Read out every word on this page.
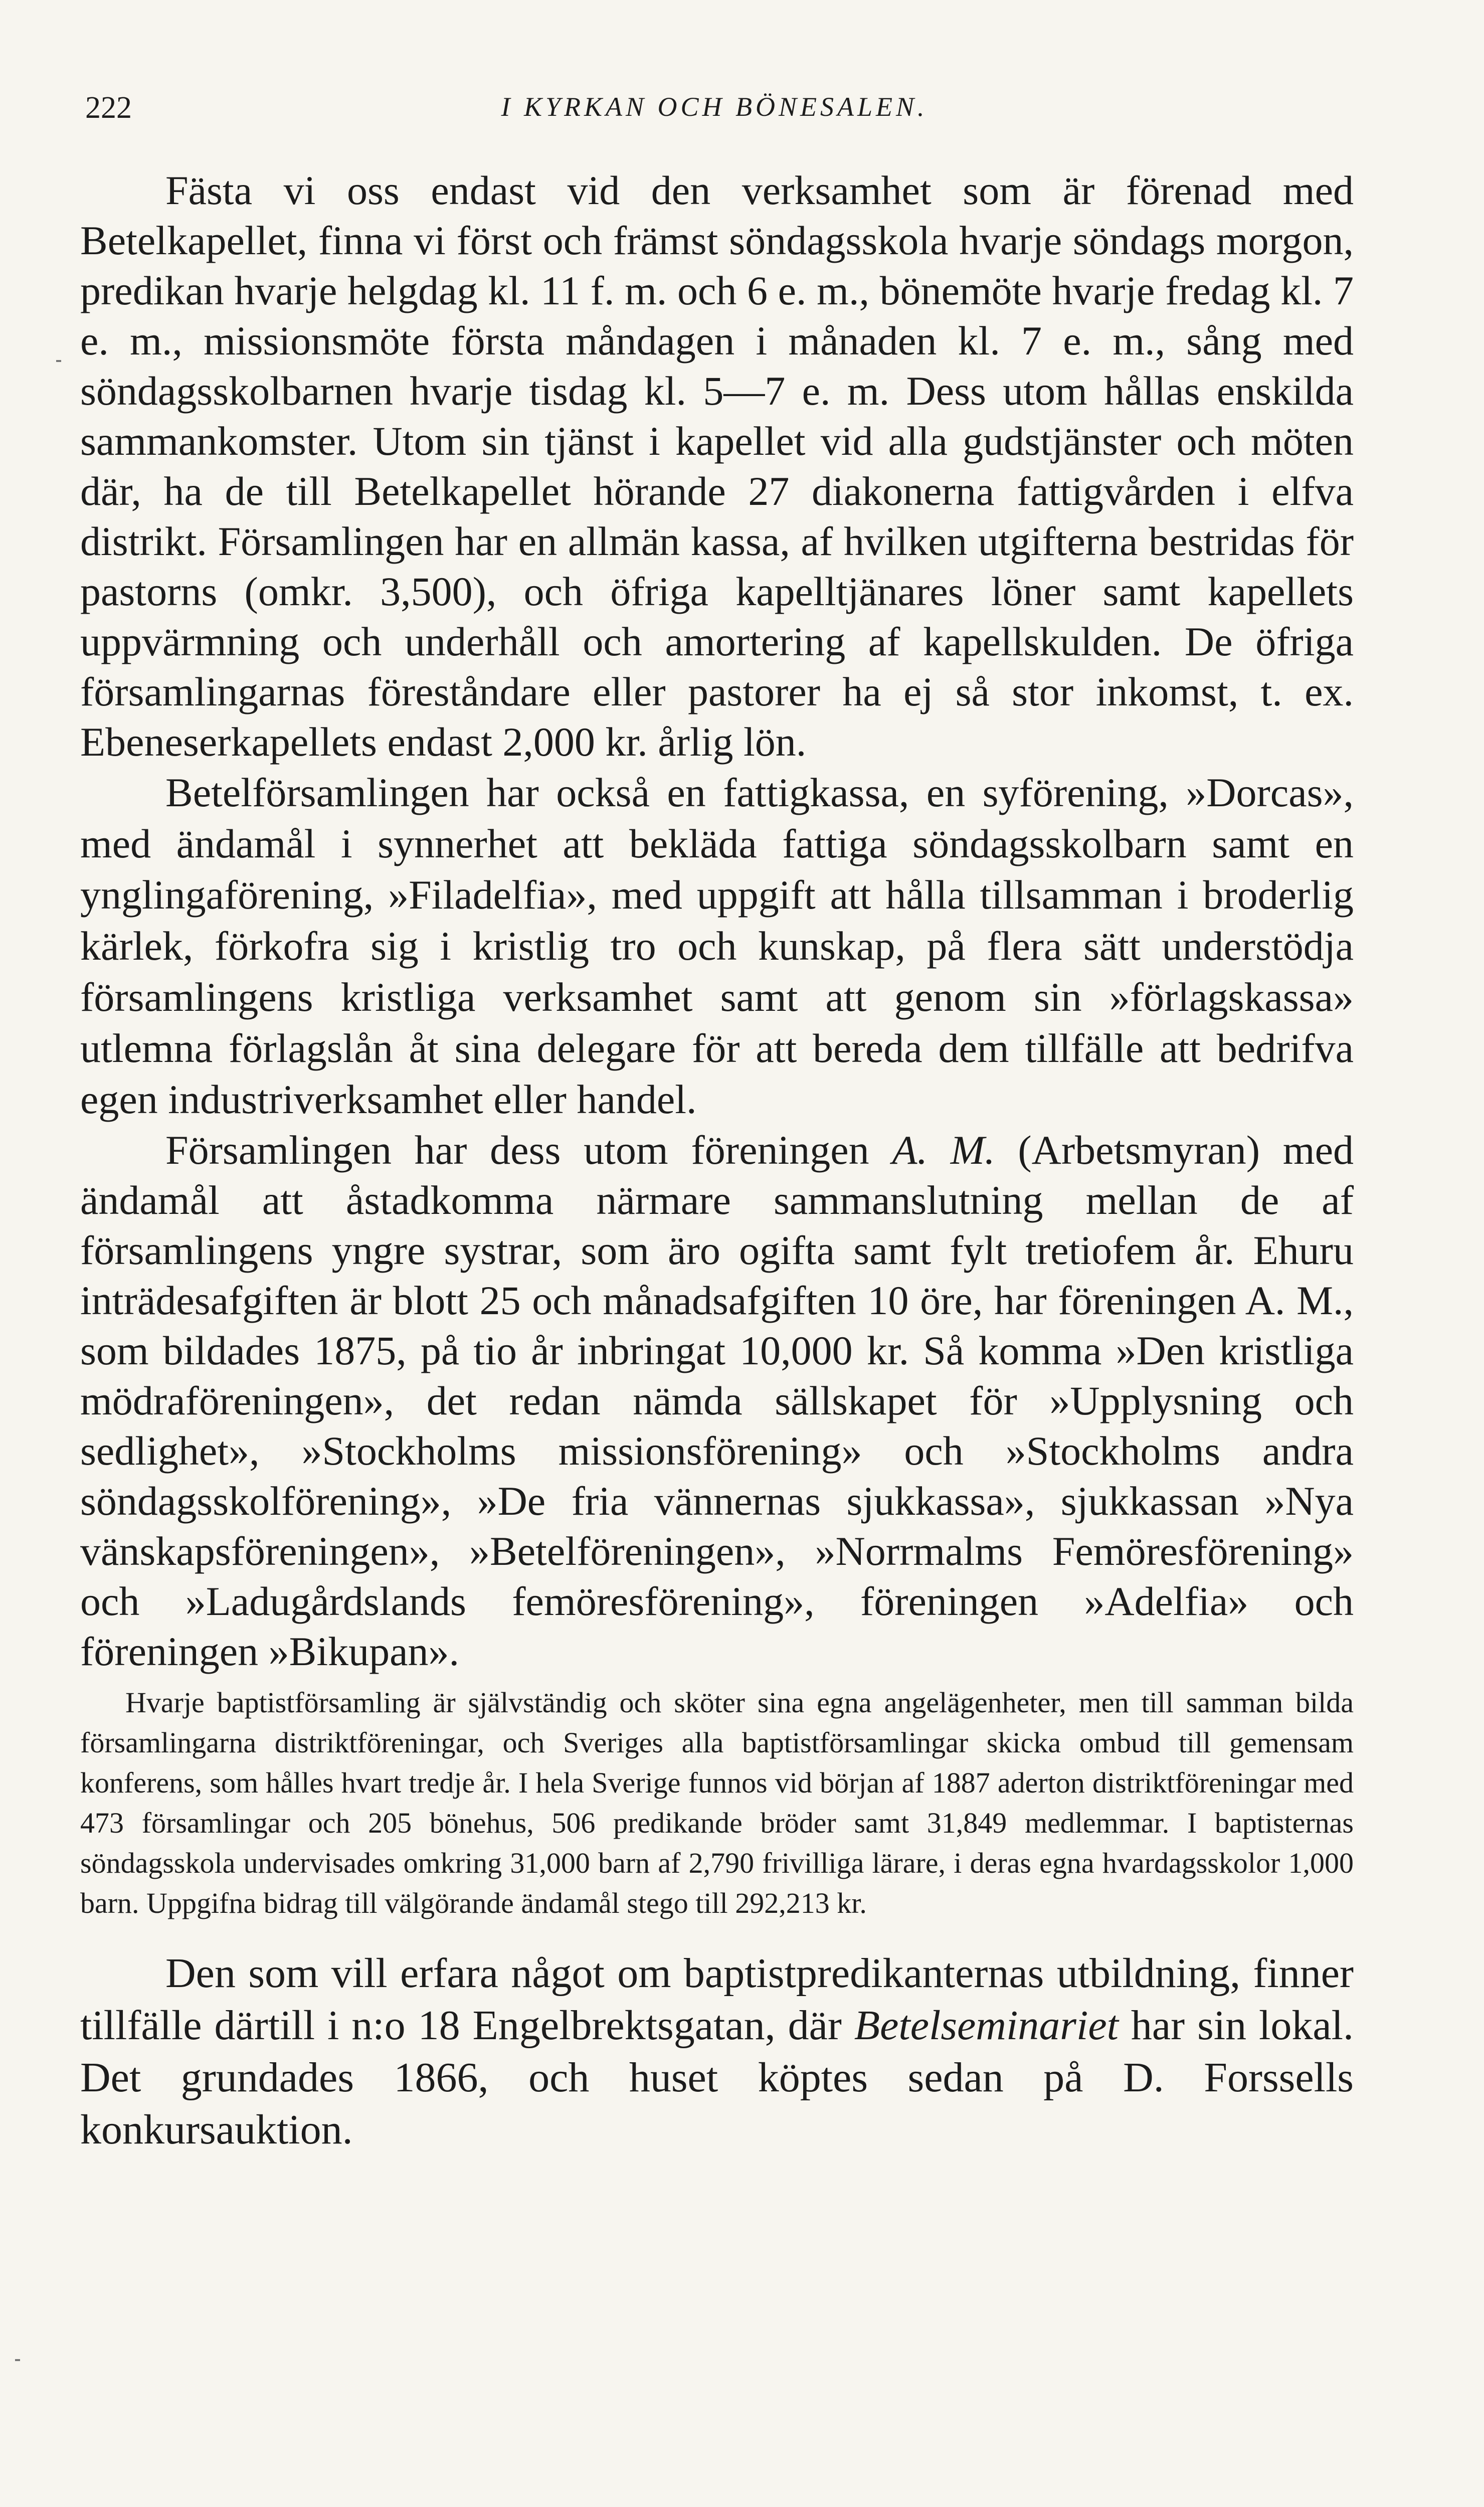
222	I KYRKAN OCH BÖNESALEN.

Fästa vi oss endast vid den verksamhet som är förenad med Betelkapellet, finna vi först och främst söndagsskola hvarje söndags morgon, predikan hvarje helgdag kl. 11 f. m. och 6 e. m., bönemöte hvarje fredag kl. 7 e. m., missionsmöte första måndagen i månaden kl. 7 e. m., sång med söndagsskolbarnen hvarje tisdag kl. 5—7 e. m. Dess utom hållas enskilda sammankomster. Utom sin tjänst i kapellet vid alla gudstjänster och möten där, ha de till Betelkapellet hörande 27 diakonerna fattigvården i elfva distrikt. Församlingen har en allmän kassa, af hvilken utgifterna bestridas för pastorns (omkr. 3,500), och öfriga kapelltjänares löner samt kapellets uppvärmning och underhåll och amortering af kapellskulden. De öfriga församlingarnas föreståndare eller pastorer ha ej så stor inkomst, t. ex. Ebeneserkapellets endast 2,000 kr. årlig lön.

Betelförsamlingen har också en fattigkassa, en syförening, »Dorcas», med ändamål i synnerhet att bekläda fattiga söndagsskolbarn samt en ynglingaförening, »Filadelfia», med uppgift att hålla tillsamman i broderlig kärlek, förkofra sig i kristlig tro och kunskap, på flera sätt understödja församlingens kristliga verksamhet samt att genom sin »förlagskassa» utlemna förlagslån åt sina delegare för att bereda dem tillfälle att bedrifva egen industriverksamhet eller handel.

Församlingen har dess utom föreningen A. M. (Arbetsmyran) med ändamål att åstadkomma närmare sammanslutning mellan de af församlingens yngre systrar, som äro ogifta samt fylt tretiofem år. Ehuru inträdesafgiften är blott 25 och månadsafgiften 10 öre, har föreningen A. M., som bildades 1875, på tio år inbringat 10,000 kr. Så komma »Den kristliga mödraföreningen», det redan nämda sällskapet för »Upplysning och sedlighet», »Stockholms missionsförening» och »Stockholms andra söndagsskolförening», »De fria vännernas sjukkassa», sjukkassan »Nya vänskapsföreningen», »Betelföreningen», »Norrmalms Femöresförening» och »Ladugårdslands femöresförening», föreningen »Adelfia» och föreningen »Bikupan».

Hvarje baptistförsamling är självständig och sköter sina egna angelägenheter, men till samman bilda församlingarna distriktföreningar, och Sveriges alla baptistförsamlingar skicka ombud till gemensam konferens, som hålles hvart tredje år. I hela Sverige funnos vid början af 1887 aderton distriktföreningar med 473 församlingar och 205 bönehus, 506 predikande bröder samt 31,849 medlemmar. I baptisternas söndagsskola undervisades omkring 31,000 barn af 2,790 frivilliga lärare, i deras egna hvardagsskolor 1,000 barn. Uppgifna bidrag till välgörande ändamål stego till 292,213 kr.

Den som vill erfara något om baptistpredikanternas utbildning, finner tillfälle därtill i n:o 18 Engelbrektsgatan, där Betelseminariet har sin lokal. Det grundades 1866, och huset köptes sedan på D. Forssells konkursauktion.
